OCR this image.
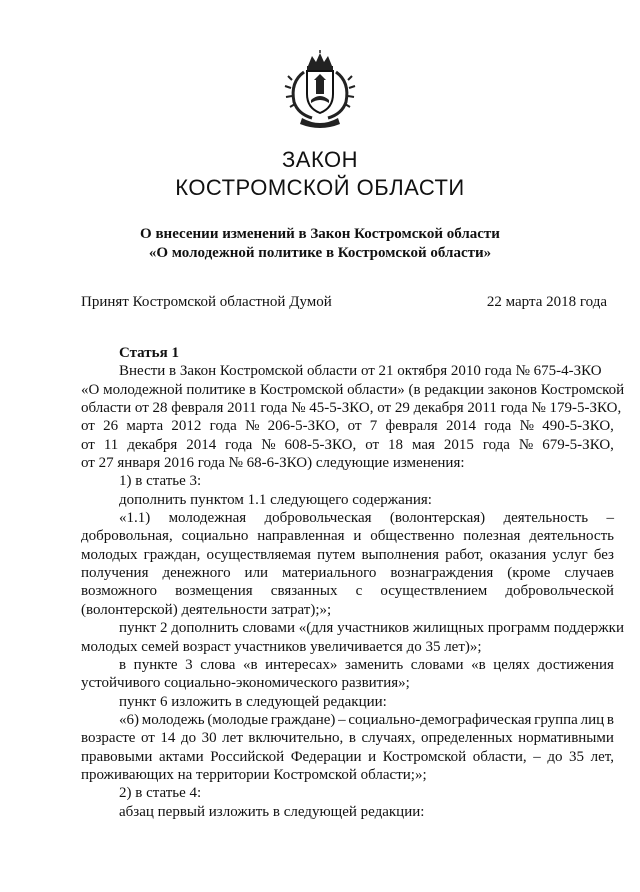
ЗАКОН
КОСТРОМСКОЙ ОБЛАСТИ
О внесении изменений в Закон Костромской области
«О молодежной политике в Костромской области»
Принят Костромской областной Думой	22 марта 2018 года
Статья 1
Внести в Закон Костромской области от 21 октября 2010 года № 675-4-ЗКО
«О молодежной политике в Костромской области» (в редакции законов Костромской
области от 28 февраля 2011 года № 45-5-ЗКО, от 29 декабря 2011 года № 179-5-ЗКО,
от 26 марта 2012 года № 206-5-ЗКО, от 7 февраля 2014 года № 490-5-ЗКО,
от 11 декабря 2014 года № 608-5-ЗКО, от 18 мая 2015 года № 679-5-ЗКО,
от 27 января 2016 года № 68-6-ЗКО) следующие изменения:
1) в статье 3:
дополнить пунктом 1.1 следующего содержания:
«1.1) молодежная добровольческая (волонтерская) деятельность –
добровольная, социально направленная и общественно полезная деятельность
молодых граждан, осуществляемая путем выполнения работ, оказания услуг без
получения денежного или материального вознаграждения (кроме случаев
возможного возмещения связанных с осуществлением добровольческой
(волонтерской) деятельности затрат);»;
пункт 2 дополнить словами «(для участников жилищных программ поддержки
молодых семей возраст участников увеличивается до 35 лет)»;
в пункте 3 слова «в интересах» заменить словами «в целях достижения
устойчивого социально-экономического развития»;
пункт 6 изложить в следующей редакции:
«6) молодежь (молодые граждане) – социально-демографическая группа лиц в
возрасте от 14 до 30 лет включительно, в случаях, определенных нормативными
правовыми актами Российской Федерации и Костромской области, – до 35 лет,
проживающих на территории Костромской области;»;
2) в статье 4:
абзац первый изложить в следующей редакции:
